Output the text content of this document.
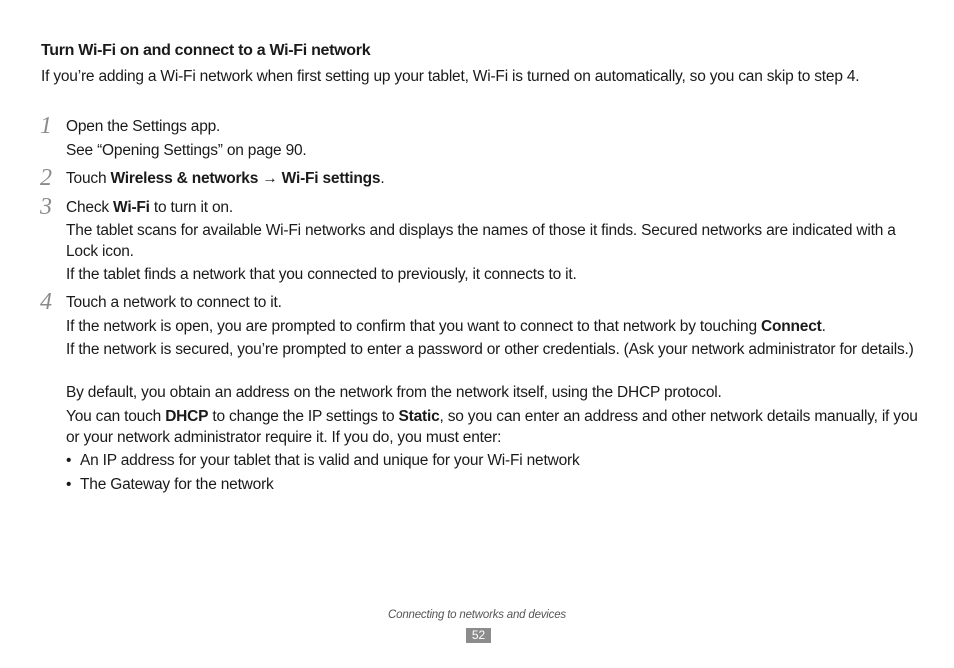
Turn Wi-Fi on and connect to a Wi-Fi network

If you’re adding a Wi-Fi network when first setting up your tablet, Wi-Fi is turned on automatically, so you can skip to step 4.

1 Open the Settings app.

See “Opening Settings” on page 90.

2 Touch Wireless & networks → Wi-Fi settings.

3 Check Wi-Fi to turn it on.

The tablet scans for available Wi-Fi networks and displays the names of those it finds. Secured networks are indicated with a Lock icon.

If the tablet finds a network that you connected to previously, it connects to it.

4 Touch a network to connect to it.

If the network is open, you are prompted to confirm that you want to connect to that network by touching Connect.

If the network is secured, you’re prompted to enter a password or other credentials. (Ask your network administrator for details.)

By default, you obtain an address on the network from the network itself, using the DHCP protocol.

You can touch DHCP to change the IP settings to Static, so you can enter an address and other network details manually, if you or your network administrator require it. If you do, you must enter:

• An IP address for your tablet that is valid and unique for your Wi-Fi network
• The Gateway for the network
Connecting to networks and devices
52
